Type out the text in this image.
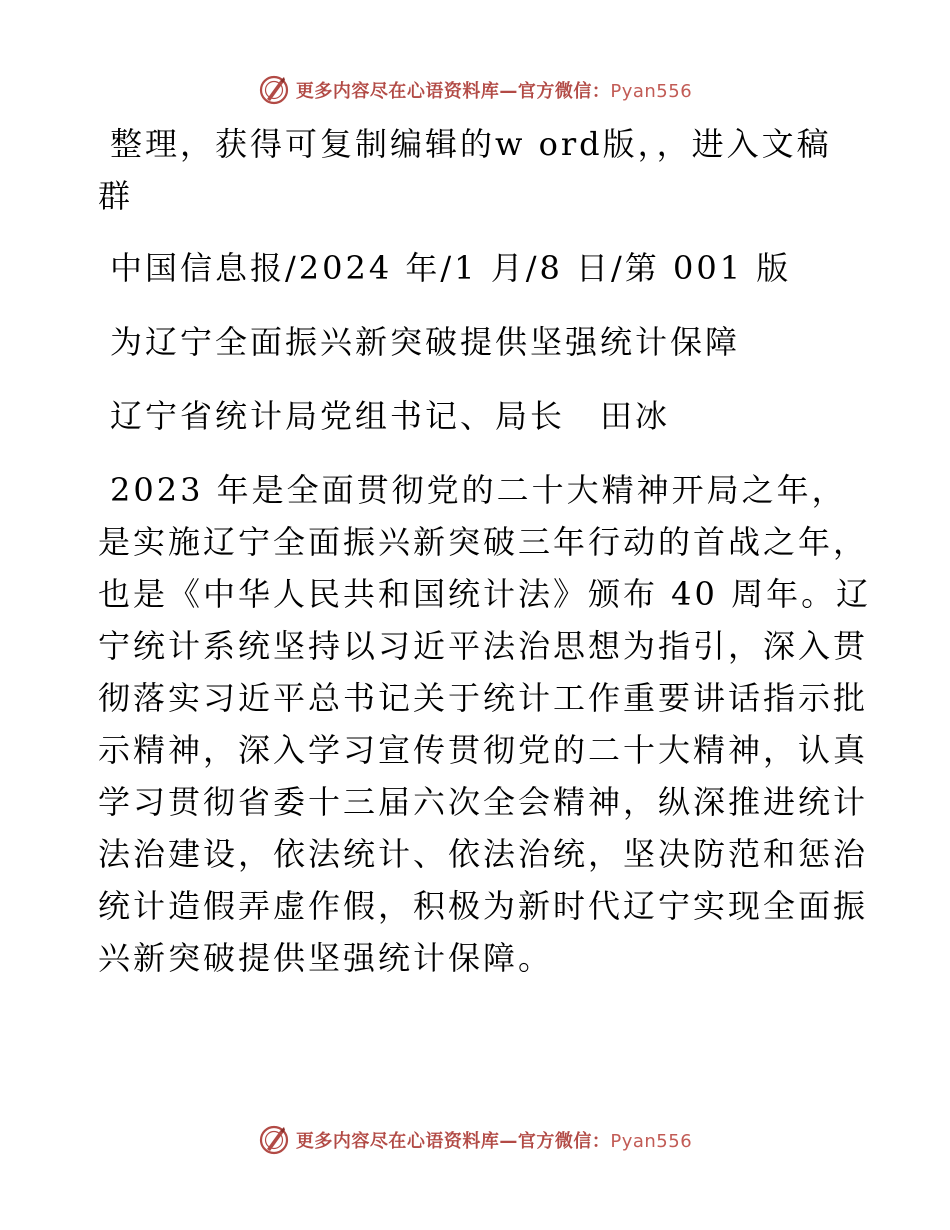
更多内容尽在心语资料库—官方微信：Pyan556
整理，获得可复制编辑的w ord版，，进入文稿
群
中国信息报/2024 年/1 月/8 日/第 001 版
为辽宁全面振兴新突破提供坚强统计保障
辽宁省统计局党组书记、局长　田冰
2023 年是全面贯彻党的二十大精神开局之年，
是实施辽宁全面振兴新突破三年行动的首战之年，
也是《中华人民共和国统计法》颁布 40 周年。辽
宁统计系统坚持以习近平法治思想为指引，深入贯
彻落实习近平总书记关于统计工作重要讲话指示批
示精神，深入学习宣传贯彻党的二十大精神，认真
学习贯彻省委十三届六次全会精神，纵深推进统计
法治建设，依法统计、依法治统，坚决防范和惩治
统计造假弄虚作假，积极为新时代辽宁实现全面振
兴新突破提供坚强统计保障。
更多内容尽在心语资料库—官方微信：Pyan556
